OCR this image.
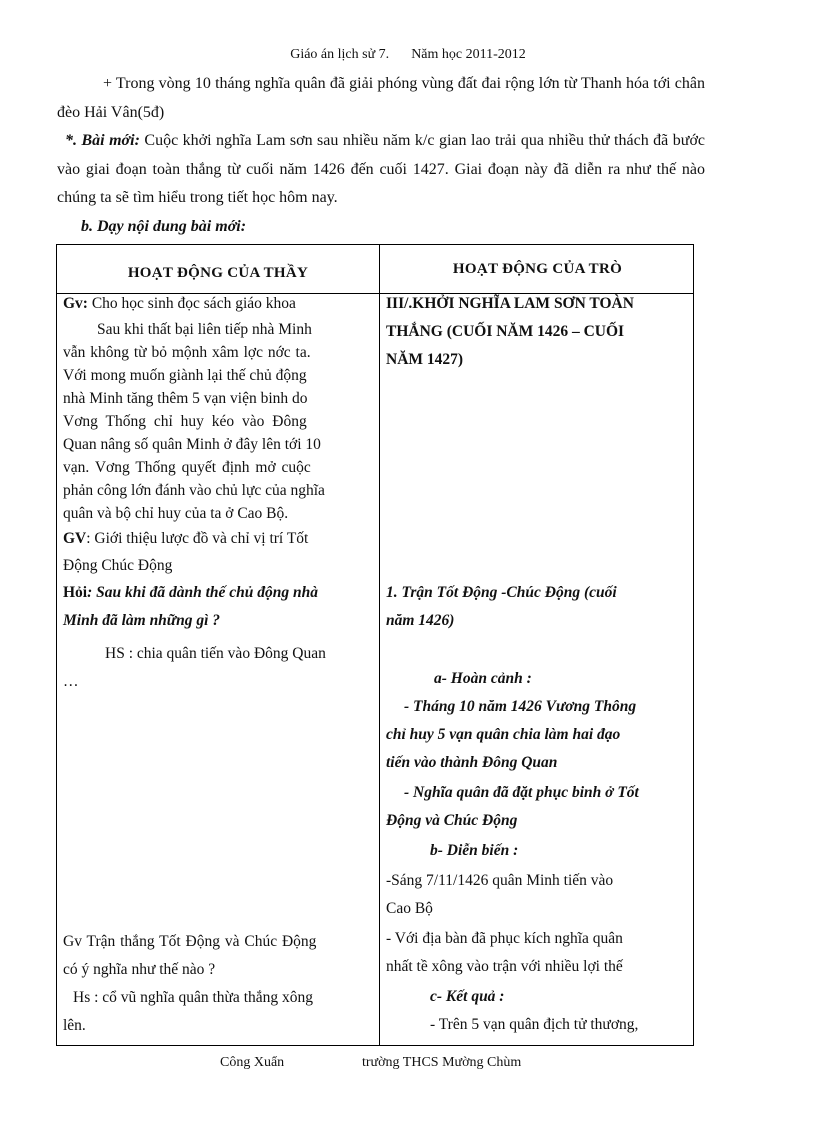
Giáo án lịch sử 7. Năm học 2011-2012

+ Trong vòng 10 tháng nghĩa quân đã giải phóng vùng đất đai rộng lớn từ Thanh hóa tới chân đèo Hải Vân(5đ)

*. Bài mới: Cuộc khởi nghĩa Lam sơn sau nhiều năm k/c gian lao trải qua nhiều thử thách đã bước vào giai đoạn toàn thắng từ cuối năm 1426 đến cuối 1427. Giai đoạn này đã diễn ra như thế nào chúng ta sẽ tìm hiểu trong tiết học hôm nay.

b. Dạy nội dung bài mới:

HOẠT ĐỘNG CỦA THẦY	HOẠT ĐỘNG CỦA TRÒ
Gv: Cho học sinh đọc sách giáo khoa
Sau khi thất bại liên tiếp nhà Minh
vẫn không từ bỏ mộnh xâm lợc nớc ta.
Với mong muốn giành lại thế chủ động
nhà Minh tăng thêm 5 vạn viện binh do
Vơng Thống chỉ huy kéo vào Đông
Quan nâng số quân Minh ở đây lên tới 10
vạn. Vơng Thống quyết định mở cuộc
phản công lớn đánh vào chủ lực của nghĩa
quân và bộ chỉ huy của ta ở Cao Bộ.
GV: Giới thiệu lược đồ và chỉ vị trí Tốt
Động Chúc Động
Hỏi: Sau khi đã dành thế chủ động nhà
Minh đã làm những gì ?
HS : chia quân tiến vào Đông Quan
…
Gv Trận thắng Tốt Động và Chúc Động
có ý nghĩa như thế nào ?
Hs : cổ vũ nghĩa quân thừa thắng xông
lên.
III/.KHỞI NGHĨA LAM SƠN TOÀN
THẮNG (CUỐI NĂM 1426 – CUỐI
NĂM 1427)
1. Trận Tốt Động -Chúc Động (cuối
năm 1426)
a- Hoàn cảnh :
- Tháng 10 năm 1426 Vương Thông
chỉ huy 5 vạn quân chia làm hai đạo
tiến vào thành Đông Quan
- Nghĩa quân đã đặt phục binh ở Tốt
Động và Chúc Động
b- Diễn biến :
-Sáng 7/11/1426 quân Minh tiến vào
Cao Bộ
- Với địa bàn đã phục kích nghĩa quân
nhất tề xông vào trận với nhiều lợi thế
c- Kết quả :
- Trên 5 vạn quân địch tử thương,
Công Xuẩn	trường THCS Mường Chùm
